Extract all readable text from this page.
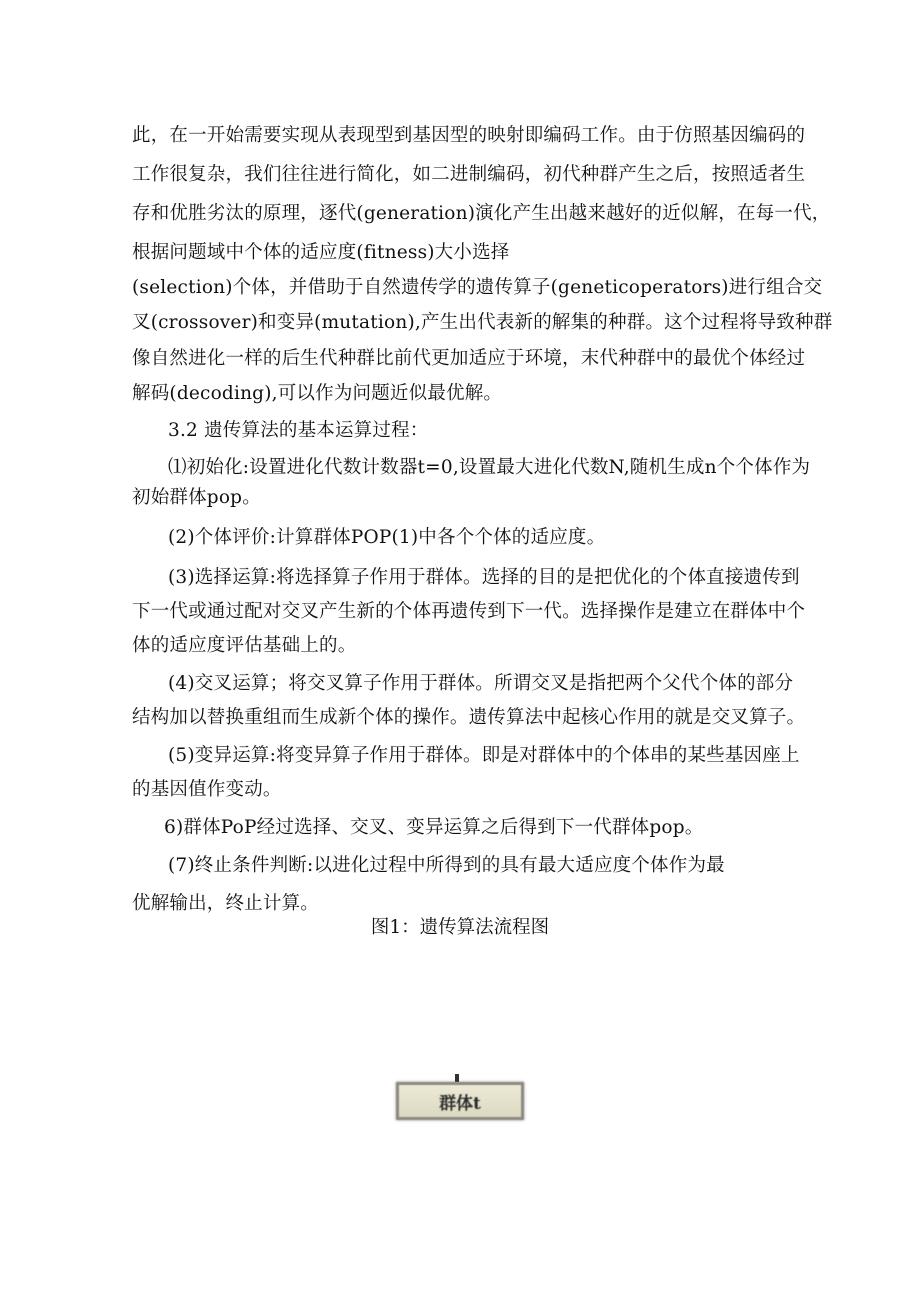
此，在一开始需要实现从表现型到基因型的映射即编码工作。由于仿照基因编码的
工作很复杂，我们往往进行简化，如二进制编码，初代种群产生之后，按照适者生
存和优胜劣汰的原理，逐代(generation)演化产生出越来越好的近似解，在每一代，
根据问题域中个体的适应度(fitness)大小选择
(selection)个体，并借助于自然遗传学的遗传算子(geneticoperators)进行组合交
叉(crossover)和变异(mutation),产生出代表新的解集的种群。这个过程将导致种群
像自然进化一样的后生代种群比前代更加适应于环境，末代种群中的最优个体经过
解码(decoding),可以作为问题近似最优解。
3.2 遗传算法的基本运算过程：
⑴初始化:设置进化代数计数器t=0,设置最大进化代数N,随机生成n个个体作为
初始群体pop。
(2)个体评价:计算群体POP(1)中各个个体的适应度。
(3)选择运算:将选择算子作用于群体。选择的目的是把优化的个体直接遗传到
下一代或通过配对交叉产生新的个体再遗传到下一代。选择操作是建立在群体中个
体的适应度评估基础上的。
(4)交叉运算；将交叉算子作用于群体。所谓交叉是指把两个父代个体的部分
结构加以替换重组而生成新个体的操作。遗传算法中起核心作用的就是交叉算子。
(5)变异运算:将变异算子作用于群体。即是对群体中的个体串的某些基因座上
的基因值作变动。
6)群体PoP经过选择、交叉、变异运算之后得到下一代群体pop。
(7)终止条件判断:以进化过程中所得到的具有最大适应度个体作为最
优解输出，终止计算。
图1：遗传算法流程图
群体t
